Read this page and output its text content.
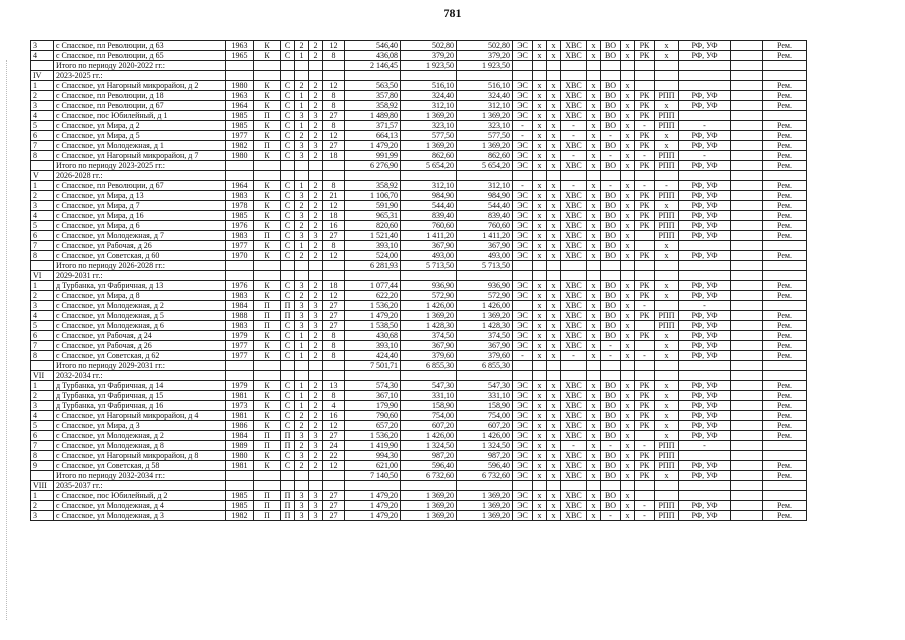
781
3	с Спасское, пл Революции, д 63	1963	К	С	2	2	12	546,40	502,80	502,80	ЭС	х	х	ХВС	х	ВО	х	РК	х	РФ, УФ		Рем.
4	с Спасское, пл Революции, д 65	1965	К	С	1	2	8	436,08	379,20	379,20	ЭС	х	х	ХВС	х	ВО	х	РК	х	РФ, УФ		Рем.
	Итого по периоду 2020-2022 гг.:							2 146,45	1 923,50	1 923,50												
IV	2023-2025 гг.:																					
1	с Спасское, ул Нагорный микрорайон, д 2	1980	К	С	2	2	12	563,50	516,10	516,10	ЭС	х	х	ХВС	х	ВО	х					Рем.
2	с Спасское, пл Революции, д 18	1963	К	С	1	2	8	357,80	324,40	324,40	ЭС	х	х	ХВС	х	ВО	х	РК	РПП	РФ, УФ		Рем.
3	с Спасское, пл Революции, д 67	1964	К	С	1	2	8	358,92	312,10	312,10	ЭС	х	х	ХВС	х	ВО	х	РК	х	РФ, УФ		Рем.
4	с Спасское, пос Юбилейный, д 1	1985	П	С	3	3	27	1 489,80	1 369,20	1 369,20	ЭС	х	х	ХВС	х	ВО	х	РК	РПП			
5	с Спасское, ул Мира, д 2	1985	К	С	1	2	8	371,57	323,10	323,10	-	х	х	-	х	ВО	х	-	РПП	-		Рем.
6	с Спасское, ул Мира, д 5	1977	К	С	2	2	12	664,13	577,50	577,50	-	х	х	-	х	-	х	РК	х	РФ, УФ		Рем.
7	с Спасское, ул Молодежная, д 1	1982	П	С	3	3	27	1 479,20	1 369,20	1 369,20	ЭС	х	х	ХВС	х	ВО	х	РК	х	РФ, УФ		Рем.
8	с Спасское, ул Нагорный микрорайон, д 7	1980	К	С	3	2	18	991,99	862,60	862,60	ЭС	х	х	-	х	-	х	-	РПП	-		Рем.
	Итого по периоду 2023-2025 гг.:							6 276,90	5 654,20	5 654,20	ЭС	х	х	ХВС	х	ВО	х	РК	РПП	РФ, УФ		Рем.
V	2026-2028 гг.:																					
1	с Спасское, пл Революции, д 67	1964	К	С	1	2	8	358,92	312,10	312,10	-	х	х	-	х	-	х	-	-	РФ, УФ		Рем.
2	с Спасское, ул Мира, д 13	1983	К	С	3	2	21	1 106,70	984,90	984,90	ЭС	х	х	ХВС	х	ВО	х	РК	РПП	РФ, УФ		Рем.
3	с Спасское, ул Мира, д 7	1978	К	С	2	2	12	591,90	544,40	544,40	ЭС	х	х	ХВС	х	ВО	х	РК	х	РФ, УФ		Рем.
4	с Спасское, ул Мира, д 16	1985	К	С	3	2	18	965,31	839,40	839,40	ЭС	х	х	ХВС	х	ВО	х	РК	РПП	РФ, УФ		Рем.
5	с Спасское, ул Мира, д 6	1976	К	С	2	2	16	820,60	760,60	760,60	ЭС	х	х	ХВС	х	ВО	х	РК	РПП	РФ, УФ		Рем.
6	с Спасское, ул Молодежная, д 7	1983	П	С	3	3	27	1 521,40	1 411,20	1 411,20	ЭС	х	х	ХВС	х	ВО	х		РПП	РФ, УФ		Рем.
7	с Спасское, ул Рабочая, д 26	1977	К	С	1	2	8	393,10	367,90	367,90	ЭС	х	х	ХВС	х	ВО	х		х			
8	с Спасское, ул Советская, д 60	1970	К	С	2	2	12	524,00	493,00	493,00	ЭС	х	х	ХВС	х	ВО	х	РК	х	РФ, УФ		Рем.
	Итого по периоду 2026-2028 гг.:							6 281,93	5 713,50	5 713,50												
VI	2029-2031 гг.:																					
1	д Турбанка, ул Фабричная, д 13	1976	К	С	3	2	18	1 077,44	936,90	936,90	ЭС	х	х	ХВС	х	ВО	х	РК	х	РФ, УФ		Рем.
2	с Спасское, ул Мира, д 8	1983	К	С	2	2	12	622,20	572,90	572,90	ЭС	х	х	ХВС	х	ВО	х	РК	х	РФ, УФ		Рем.
3	с Спасское, ул Молодежная, д 2	1984	П	П	3	3	27	1 536,20	1 426,00	1 426,00		х	х	ХВС	х	ВО	х	-		-		
4	с Спасское, ул Молодежная, д 5	1988	П	П	3	3	27	1 479,20	1 369,20	1 369,20	ЭС	х	х	ХВС	х	ВО	х	РК	РПП	РФ, УФ		Рем.
5	с Спасское, ул Молодежная, д 6	1983	П	С	3	3	27	1 538,50	1 428,30	1 428,30	ЭС	х	х	ХВС	х	ВО	х		РПП	РФ, УФ		Рем.
6	с Спасское, ул Рабочая, д 24	1979	К	С	1	2	8	430,68	374,50	374,50	ЭС	х	х	ХВС	х	ВО	х	РК	х	РФ, УФ		Рем.
7	с Спасское, ул Рабочая, д 26	1977	К	С	1	2	8	393,10	367,90	367,90	ЭС	х	х	ХВС	х	-	х		х	РФ, УФ		Рем.
8	с Спасское, ул Советская, д 62	1977	К	С	1	2	8	424,40	379,60	379,60	-	х	х	-	х	-	х	-	х	РФ, УФ		Рем.
	Итого по периоду 2029-2031 гг.:							7 501,71	6 855,30	6 855,30												
VII	2032-2034 гг.:																					
1	д Турбанка, ул Фабричная, д 14	1979	К	С	1	2	13	574,30	547,30	547,30	ЭС	х	х	ХВС	х	ВО	х	РК	х	РФ, УФ		Рем.
2	д Турбанка, ул Фабричная, д 15	1981	К	С	1	2	8	367,10	331,10	331,10	ЭС	х	х	ХВС	х	ВО	х	РК	х	РФ, УФ		Рем.
3	д Турбанка, ул Фабричная, д 16	1973	К	С	1	2	4	179,90	158,90	158,90	ЭС	х	х	ХВС	х	ВО	х	РК	х	РФ, УФ		Рем.
4	с Спасское, ул Нагорный микрорайон, д 4	1981	К	С	2	2	16	790,60	754,00	754,00	ЭС	х	х	ХВС	х	ВО	х	РК	х	РФ, УФ		Рем.
5	с Спасское, ул Мира, д 3	1986	К	С	2	2	12	657,20	607,20	607,20	ЭС	х	х	ХВС	х	ВО	х	РК	х	РФ, УФ		Рем.
6	с Спасское, ул Молодежная, д 2	1984	П	П	3	3	27	1 536,20	1 426,00	1 426,00	ЭС	х	х	ХВС	х	ВО	х		х	РФ, УФ		Рем.
7	с Спасское, ул Молодежная, д 8	1989	П	П	2	3	24	1 419,90	1 324,50	1 324,50	ЭС	х	х	-	х	-	х	-	РПП	-		
8	с Спасское, ул Нагорный микрорайон, д 8	1980	К	С	3	2	22	994,30	987,20	987,20	ЭС	х	х	ХВС	х	ВО	х	РК	РПП			
9	с Спасское, ул Советская, д 58	1981	К	С	2	2	12	621,00	596,40	596,40	ЭС	х	х	ХВС	х	ВО	х	РК	РПП	РФ, УФ		Рем.
	Итого по периоду 2032-2034 гг.:							7 140,50	6 732,60	6 732,60	ЭС	х	х	ХВС	х	ВО	х	РК	х	РФ, УФ		Рем.
VIII	2035-2037 гг.:																					
1	с Спасское, пос Юбилейный, д 2	1985	П	П	3	3	27	1 479,20	1 369,20	1 369,20	ЭС	х	х	ХВС	х	ВО	х					
2	с Спасское, ул Молодежная, д 4	1985	П	П	3	3	27	1 479,20	1 369,20	1 369,20	ЭС	х	х	ХВС	х	ВО	х	-	РПП	РФ, УФ		Рем.
3	с Спасское, ул Молодежная, д 3	1982	П	П	3	3	27	1 479,20	1 369,20	1 369,20	ЭС	х	х	ХВС	х	-	х	-	РПП	РФ, УФ		Рем.
